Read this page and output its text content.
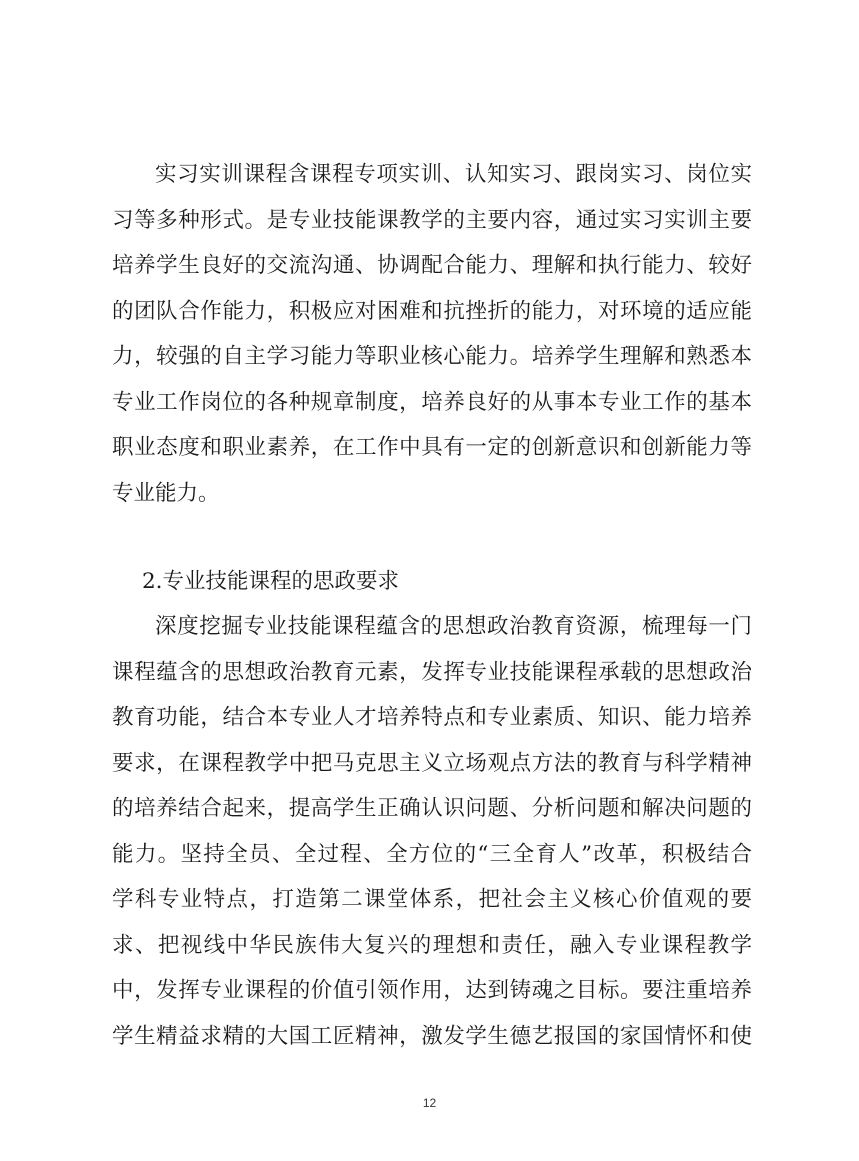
实习实训课程含课程专项实训、认知实习、跟岗实习、岗位实
习等多种形式。是专业技能课教学的主要内容，通过实习实训主要
培养学生良好的交流沟通、协调配合能力、理解和执行能力、较好
的团队合作能力，积极应对困难和抗挫折的能力，对环境的适应能
力，较强的自主学习能力等职业核心能力。培养学生理解和熟悉本
专业工作岗位的各种规章制度，培养良好的从事本专业工作的基本
职业态度和职业素养，在工作中具有一定的创新意识和创新能力等
专业能力。
2.专业技能课程的思政要求
深度挖掘专业技能课程蕴含的思想政治教育资源，梳理每一门
课程蕴含的思想政治教育元素，发挥专业技能课程承载的思想政治
教育功能，结合本专业人才培养特点和专业素质、知识、能力培养
要求，在课程教学中把马克思主义立场观点方法的教育与科学精神
的培养结合起来，提高学生正确认识问题、分析问题和解决问题的
能力。坚持全员、全过程、全方位的“三全育人”改革，积极结合
学科专业特点，打造第二课堂体系，把社会主义核心价值观的要
求、把视线中华民族伟大复兴的理想和责任，融入专业课程教学
中，发挥专业课程的价值引领作用，达到铸魂之目标。要注重培养
学生精益求精的大国工匠精神，激发学生德艺报国的家国情怀和使
12
